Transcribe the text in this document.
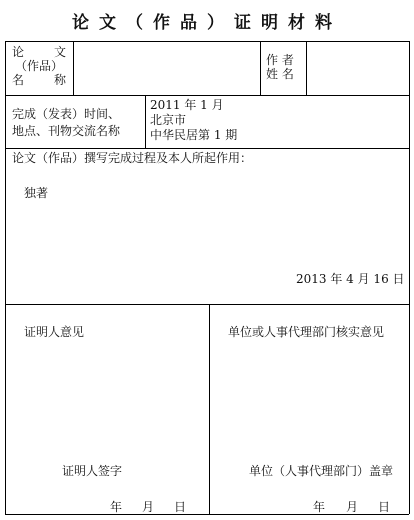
论文（作品）证明材料
论 文
（作品）
名 称
作 者
姓 名
完成（发表）时间、
地点、刊物交流名称
2011 年 1 月
北京市
中华民居第 1 期
论文（作品）撰写完成过程及本人所起作用：
独著
2013 年 4 月 16 日
证明人意见
证明人签字
年 月 日
单位或人事代理部门核实意见
单位（人事代理部门）盖章
年 月 日
